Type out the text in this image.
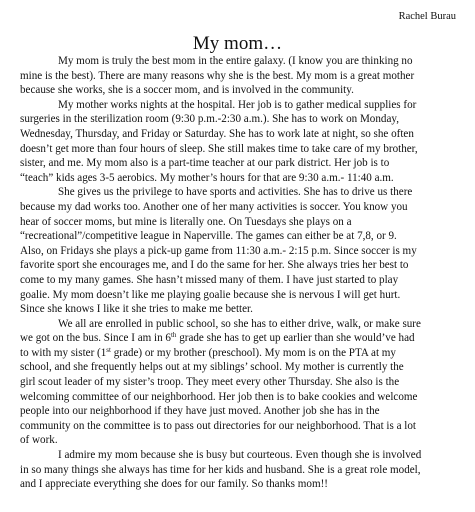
Rachel Burau
My mom…
My mom is truly the best mom in the entire galaxy. (I know you are thinking no
mine is the best). There are many reasons why she is the best. My mom is a great mother
because she works, she is a soccer mom, and is involved in the community.
My mother works nights at the hospital. Her job is to gather medical supplies for
surgeries in the sterilization room (9:30 p.m.-2:30 a.m.). She has to work on Monday,
Wednesday, Thursday, and Friday or Saturday. She has to work late at night, so she often
doesn’t get more than four hours of sleep. She still makes time to take care of my brother,
sister, and me. My mom also is a part-time teacher at our park district. Her job is to
“teach” kids ages 3-5 aerobics. My mother’s hours for that are 9:30 a.m.- 11:40 a.m.
She gives us the privilege to have sports and activities. She has to drive us there
because my dad works too. Another one of her many activities is soccer. You know you
hear of soccer moms, but mine is literally one. On Tuesdays she plays on a
“recreational”/competitive league in Naperville. The games can either be at 7,8, or 9.
Also, on Fridays she plays a pick-up game from 11:30 a.m.- 2:15 p.m. Since soccer is my
favorite sport she encourages me, and I do the same for her. She always tries her best to
come to my many games. She hasn’t missed many of them. I have just started to play
goalie. My mom doesn’t like me playing goalie because she is nervous I will get hurt.
Since she knows I like it she tries to make me better.
We all are enrolled in public school, so she has to either drive, walk, or make sure
we got on the bus. Since I am in 6th grade she has to get up earlier than she would’ve had
to with my sister (1st grade) or my brother (preschool). My mom is on the PTA at my
school, and she frequently helps out at my siblings’ school. My mother is currently the
girl scout leader of my sister’s troop. They meet every other Thursday. She also is the
welcoming committee of our neighborhood. Her job then is to bake cookies and welcome
people into our neighborhood if they have just moved. Another job she has in the
community on the committee is to pass out directories for our neighborhood. That is a lot
of work.
I admire my mom because she is busy but courteous. Even though she is involved
in so many things she always has time for her kids and husband. She is a great role model,
and I appreciate everything she does for our family. So thanks mom!!
